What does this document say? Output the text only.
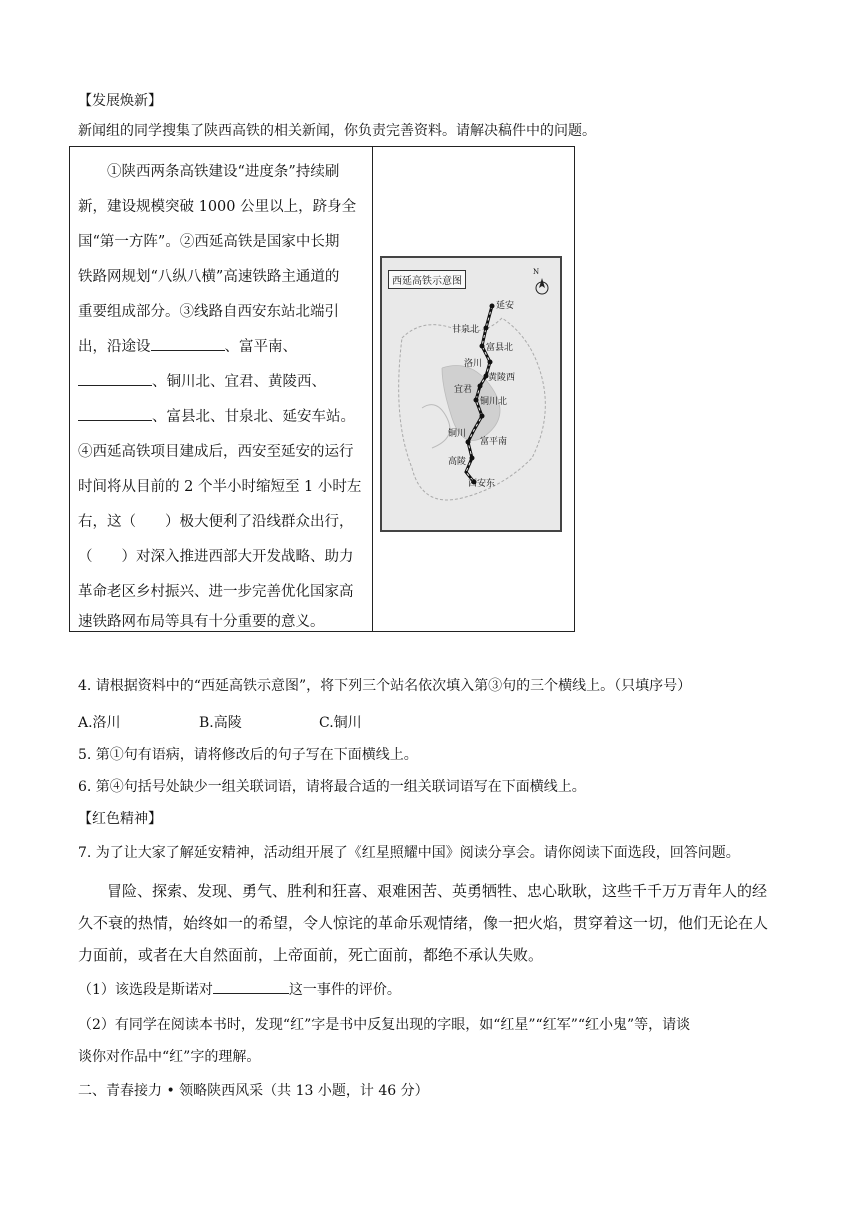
【发展焕新】
新闻组的同学搜集了陕西高铁的相关新闻，你负责完善资料。请解决稿件中的问题。
　　①陕西两条高铁建设“进度条”持续刷
新，建设规模突破 1000 公里以上，跻身全
国“第一方阵”。②西延高铁是国家中长期
铁路网规划“八纵八横”高速铁路主通道的
重要组成部分。③线路自西安东站北端引
出，沿途设	、富平南、
、铜川北、宜君、黄陵西、
、富县北、甘泉北、延安车站。
④西延高铁项目建成后，西安至延安的运行
时间将从目前的 2 个半小时缩短至 1 小时左
右，这（　　）极大便利了沿线群众出行，
（　　）对深入推进西部大开发战略、助力
革命老区乡村振兴、进一步完善优化国家高
速铁路网布局等具有十分重要的意义。
西延高铁示意图
N
延安
甘泉北
富县北
洛川
黄陵西
宜君
铜川北
铜川
富平南
高陵
西安东
4. 请根据资料中的“西延高铁示意图”，将下列三个站名依次填入第③句的三个横线上。（只填序号）
A.洛川	B.高陵	C.铜川
5. 第①句有语病，请将修改后的句子写在下面横线上。
6. 第④句括号处缺少一组关联词语，请将最合适的一组关联词语写在下面横线上。
【红色精神】
7. 为了让大家了解延安精神，活动组开展了《红星照耀中国》阅读分享会。请你阅读下面选段，回答问题。
冒险、探索、发现、勇气、胜利和狂喜、艰难困苦、英勇牺牲、忠心耿耿，这些千千万万青年人的经
久不衰的热情，始终如一的希望，令人惊诧的革命乐观情绪，像一把火焰，贯穿着这一切，他们无论在人
力面前，或者在大自然面前，上帝面前，死亡面前，都绝不承认失败。
（1）该选段是斯诺对	这一事件的评价。
（2）有同学在阅读本书时，发现“红”字是书中反复出现的字眼，如“红星”“红军”“红小鬼”等，请谈
谈你对作品中“红”字的理解。
二、青春接力 • 领略陕西风采（共 13 小题，计 46 分）
